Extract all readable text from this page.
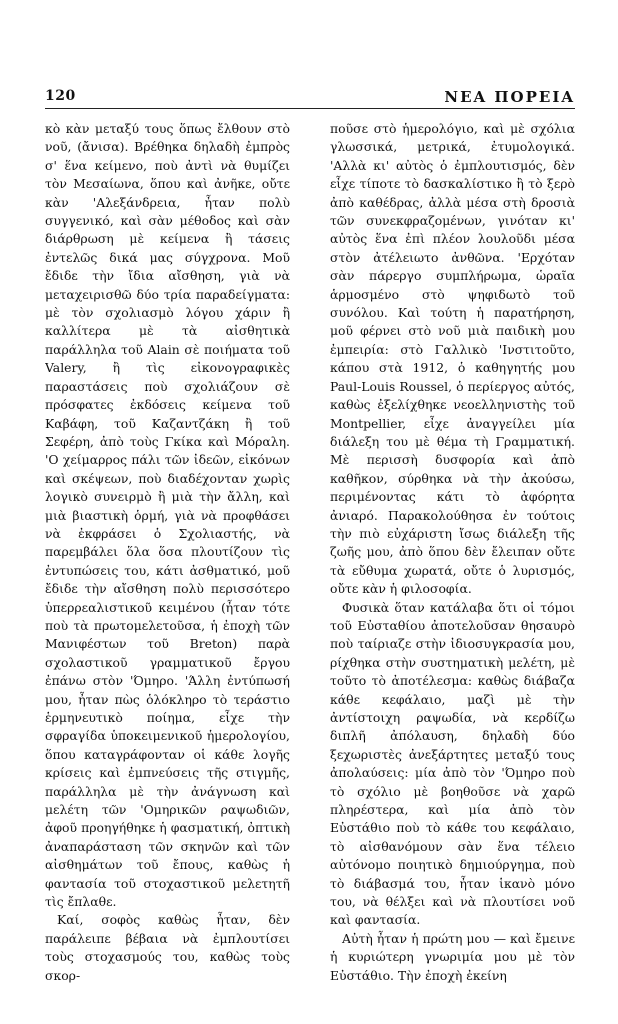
120	ΝΕΑ ΠΟΡΕΙΑ

κὸ κὰν μεταξύ τους ὅπως ἔλθουν στὸ νοῦ, (ἄνισα). Βρέθηκα δηλαδὴ ἐμπρὸς σ' ἕνα κείμενο, ποὺ ἀντὶ νὰ θυμίζει τὸν Μεσαίωνα, ὅπου καὶ ἀνῆκε, οὔτε κὰν 'Αλεξάνδρεια, ἦταν πολὺ συγγενικό, καὶ σὰν μέθοδος καὶ σὰν διάρθρωση μὲ κείμενα ἢ τάσεις ἐντελῶς δικά μας σύγχρονα. Μοῦ ἔδιδε τὴν ἴδια αἴσθηση, γιὰ νὰ μεταχειρισθῶ δύο τρία παραδείγματα: μὲ τὸν σχολιασμὸ λόγου χάριν ἢ καλλίτερα μὲ τὰ αἰσθητικὰ παράλληλα τοῦ Alain σὲ ποιήματα τοῦ Valery, ἢ τὶς εἰκονογραφικὲς παραστάσεις ποὺ σχολιάζουν σὲ πρόσφατες ἐκδόσεις κείμενα τοῦ Καβάφη, τοῦ Καζαντζάκη ἢ τοῦ Σεφέρη, ἀπὸ τοὺς Γκίκα καὶ Μόραλη. 'Ο χείμαρρος πάλι τῶν ἰδεῶν, εἰκόνων καὶ σκέψεων, ποὺ διαδέχονταν χωρὶς λογικὸ συνειρμὸ ἢ μιὰ τὴν ἄλλη, καὶ μιὰ βιαστικὴ ὁρμή, γιὰ νὰ προφθάσει νὰ ἐκφράσει ὁ Σχολιαστής, νὰ παρεμβάλει ὅλα ὅσα πλουτίζουν τὶς ἐντυπώσεις του, κάτι ἀσθματικό, μοῦ ἔδιδε τὴν αἴσθηση πολὺ περισσότερο ὑπερρεαλιστικοῦ κειμένου (ἦταν τότε ποὺ τὰ πρωτομελετοῦσα, ἡ ἐποχὴ τῶν Μανιφέστων τοῦ Breton) παρὰ σχολαστικοῦ γραμματικοῦ ἔργου ἐπάνω στὸν 'Όμηρο. 'Άλλη ἐντύπωσή μου, ἦταν πὼς ὁλόκληρο τὸ τεράστιο ἑρμηνευτικὸ ποίημα, εἶχε τὴν σφραγίδα ὑποκειμενικοῦ ἡμερολογίου, ὅπου καταγράφονταν οἱ κάθε λογῆς κρίσεις καὶ ἐμπνεύσεις τῆς στιγμῆς, παράλληλα μὲ τὴν ἀνάγνωση καὶ μελέτη τῶν 'Ομηρικῶν ραψωδιῶν, ἀφοῦ προηγήθηκε ἡ φασματική, ὀπτικὴ ἀναπαράσταση τῶν σκηνῶν καὶ τῶν αἰσθημάτων τοῦ ἔπους, καθὼς ἡ φαντασία τοῦ στοχαστικοῦ μελετητῆ τὶς ἔπλαθε.

Καί, σοφὸς καθὼς ἦταν, δὲν παράλειπε βέβαια νὰ ἐμπλουτίσει τοὺς στοχασμούς του, καθὼς τοὺς σκορ-

ποῦσε στὸ ἡμερολόγιο, καὶ μὲ σχόλια γλωσσικά, μετρικά, ἐτυμολογικά. 'Αλλὰ κι' αὐτὸς ὁ ἐμπλουτισμός, δὲν εἶχε τίποτε τὸ δασκαλίστικο ἢ τὸ ξερὸ ἀπὸ καθέδρας, ἀλλὰ μέσα στὴ δροσιὰ τῶν συνεκφραζομένων, γινόταν κι' αὐτὸς ἕνα ἐπὶ πλέον λουλοῦδι μέσα στὸν ἀτέλειωτο ἀνθῶνα. 'Ερχόταν σὰν πάρεργο συμπλήρωμα, ὡραῖα ἁρμοσμένο στὸ ψηφιδωτὸ τοῦ συνόλου. Καὶ τούτη ἡ παρατήρηση, μοῦ φέρνει στὸ νοῦ μιὰ παιδικὴ μου ἐμπειρία: στὸ Γαλλικὸ 'Ινστιτοῦτο, κάπου στὰ 1912, ὁ καθηγητής μου Paul-Louis Roussel, ὁ περίεργος αὐτός, καθὼς ἐξελίχθηκε νεοελληνιστὴς τοῦ Montpellier, εἶχε ἀναγγείλει μία διάλεξη του μὲ θέμα τὴ Γραμματική. Μὲ περισσὴ δυσφορία καὶ ἀπὸ καθῆκον, σύρθηκα νὰ τὴν ἀκούσω, περιμένοντας κάτι τὸ ἀφόρητα ἀνιαρό. Παρακολούθησα ἐν τούτοις τὴν πιὸ εὐχάριστη ἴσως διάλεξη τῆς ζωῆς μου, ἀπὸ ὅπου δὲν ἔλειπαν οὔτε τὰ εὔθυμα χωρατά, οὔτε ὁ λυρισμός, οὔτε κὰν ἡ φιλοσοφία.

Φυσικὰ ὅταν κατάλαβα ὅτι οἱ τόμοι τοῦ Εὐσταθίου ἀποτελοῦσαν θησαυρὸ ποὺ ταίριαζε στὴν ἰδιοσυγκρασία μου, ρίχθηκα στὴν συστηματικὴ μελέτη, μὲ τοῦτο τὸ ἀποτέλεσμα: καθὼς διάβαζα κάθε κεφάλαιο, μαζὶ μὲ τὴν ἀντίστοιχη ραψωδία, νὰ κερδίζω διπλῆ ἀπόλαυση, δηλαδὴ δύο ξεχωριστὲς ἀνεξάρτητες μεταξύ τους ἀπολαύσεις: μία ἀπὸ τὸν 'Όμηρο ποὺ τὸ σχόλιο μὲ βοηθοῦσε νὰ χαρῶ πληρέστερα, καὶ μία ἀπὸ τὸν Εὐστάθιο ποὺ τὸ κάθε του κεφάλαιο, τὸ αἰσθανόμουν σὰν ἕνα τέλειο αὐτόνομο ποιητικὸ δημιούργημα, ποὺ τὸ διάβασμά του, ἦταν ἱκανὸ μόνο του, νὰ θέλξει καὶ νὰ πλουτίσει νοῦ καὶ φαντασία.

Αὐτὴ ἦταν ἡ πρώτη μου — καὶ ἔμεινε ἡ κυριώτερη γνωριμία μου μὲ τὸν Εὐστάθιο. Τὴν ἐποχὴ ἐκείνη
